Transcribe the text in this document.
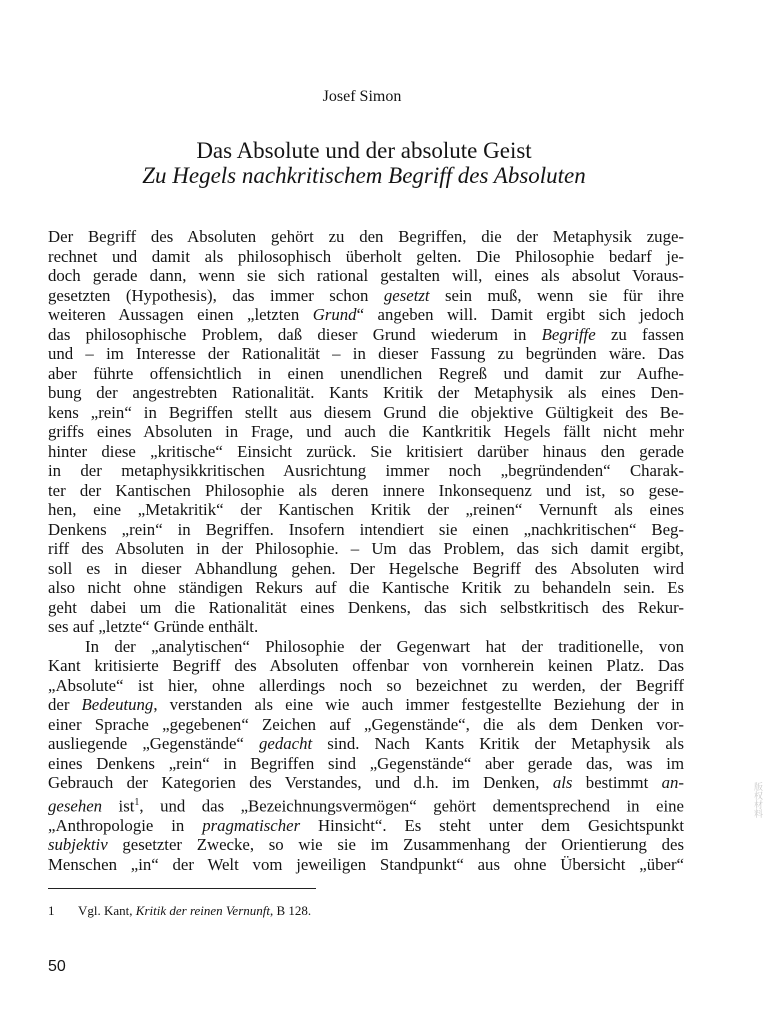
Josef Simon
Das Absolute und der absolute Geist
Zu Hegels nachkritischem Begriff des Absoluten
Der Begriff des Absoluten gehört zu den Begriffen, die der Metaphysik zuge-
rechnet und damit als philosophisch überholt gelten. Die Philosophie bedarf je-
doch gerade dann, wenn sie sich rational gestalten will, eines als absolut Voraus-
gesetzten (Hypothesis), das immer schon gesetzt sein muß, wenn sie für ihre
weiteren Aussagen einen „letzten Grund“ angeben will. Damit ergibt sich jedoch
das philosophische Problem, daß dieser Grund wiederum in Begriffe zu fassen
und – im Interesse der Rationalität – in dieser Fassung zu begründen wäre. Das
aber führte offensichtlich in einen unendlichen Regreß und damit zur Aufhe-
bung der angestrebten Rationalität. Kants Kritik der Metaphysik als eines Den-
kens „rein“ in Begriffen stellt aus diesem Grund die objektive Gültigkeit des Be-
griffs eines Absoluten in Frage, und auch die Kantkritik Hegels fällt nicht mehr
hinter diese „kritische“ Einsicht zurück. Sie kritisiert darüber hinaus den gerade
in der metaphysikkritischen Ausrichtung immer noch „begründenden“ Charak-
ter der Kantischen Philosophie als deren innere Inkonsequenz und ist, so gese-
hen, eine „Metakritik“ der Kantischen Kritik der „reinen“ Vernunft als eines
Denkens „rein“ in Begriffen. Insofern intendiert sie einen „nachkritischen“ Beg-
riff des Absoluten in der Philosophie. – Um das Problem, das sich damit ergibt,
soll es in dieser Abhandlung gehen. Der Hegelsche Begriff des Absoluten wird
also nicht ohne ständigen Rekurs auf die Kantische Kritik zu behandeln sein. Es
geht dabei um die Rationalität eines Denkens, das sich selbstkritisch des Rekur-
ses auf „letzte“ Gründe enthält.
In der „analytischen“ Philosophie der Gegenwart hat der traditionelle, von
Kant kritisierte Begriff des Absoluten offenbar von vornherein keinen Platz. Das
„Absolute“ ist hier, ohne allerdings noch so bezeichnet zu werden, der Begriff
der Bedeutung, verstanden als eine wie auch immer festgestellte Beziehung der in
einer Sprache „gegebenen“ Zeichen auf „Gegenstände“, die als dem Denken vor-
ausliegende „Gegenstände“ gedacht sind. Nach Kants Kritik der Metaphysik als
eines Denkens „rein“ in Begriffen sind „Gegenstände“ aber gerade das, was im
Gebrauch der Kategorien des Verstandes, und d.h. im Denken, als bestimmt an-
gesehen ist$^1$, und das „Bezeichnungsvermögen“ gehört dementsprechend in eine
„Anthropologie in pragmatischer Hinsicht“. Es steht unter dem Gesichtspunkt
subjektiv gesetzter Zwecke, so wie sie im Zusammenhang der Orientierung des
Menschen „in“ der Welt vom jeweiligen Standpunkt“ aus ohne Übersicht „über“
1 Vgl. Kant, Kritik der reinen Vernunft, B 128.
50
版权材料
